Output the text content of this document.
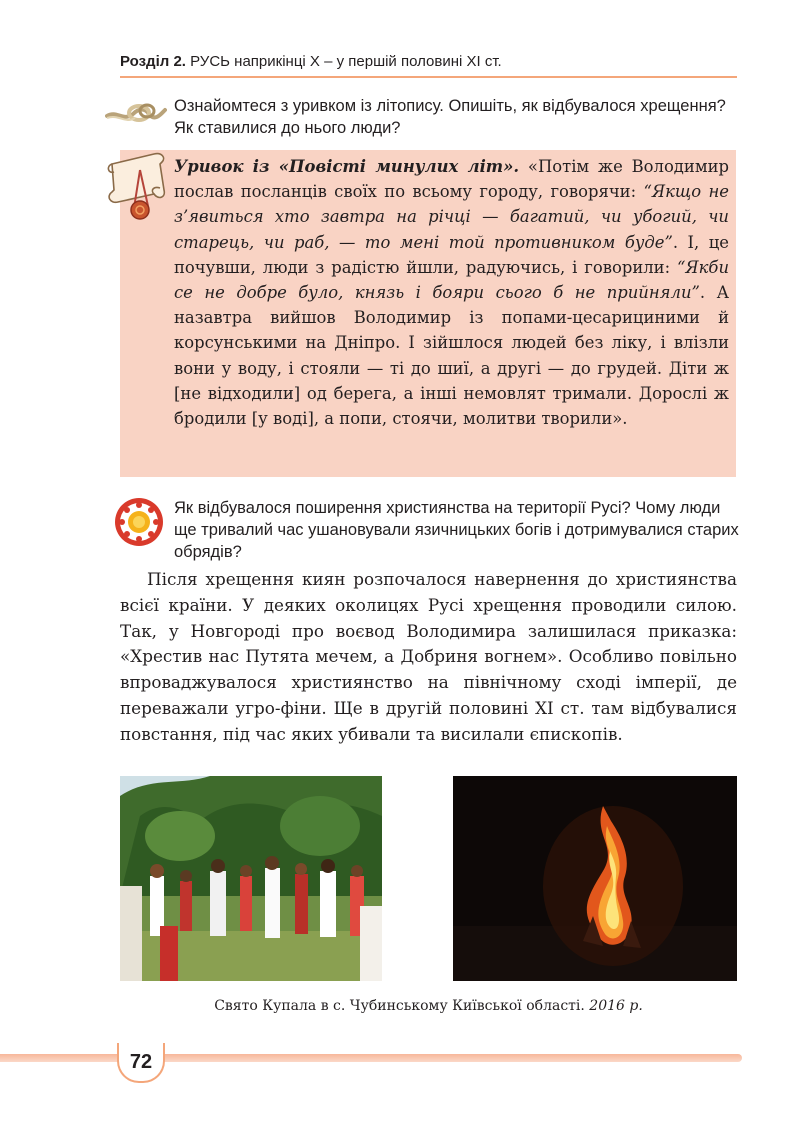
Розділ 2. РУСЬ наприкінці Х – у першій половині ХІ ст.
Ознайомтеся з уривком із літопису. Опишіть, як відбувалося хрещення? Як ставилися до нього люди?
Уривок із «Повісті минулих літ». «Потім же Володимир послав посланців своїх по всьому городу, говорячи: “Якщо не з’явиться хто завтра на річці — багатий, чи убогий, чи старець, чи раб, — то мені той противником буде”. І, це почувши, люди з радістю йшли, радуючись, і говорили: “Якби се не добре було, князь і бояри сього б не прийняли”. А назавтра вийшов Володимир із попами-цесарициними й корсунськими на Дніпро. І зійшлося людей без ліку, і влізли вони у воду, і стояли — ті до шиї, а другі — до грудей. Діти ж [не відходили] од берега, а інші немовлят тримали. Дорослі ж бродили [у воді], а попи, стоячи, молитви творили».
Як відбувалося поширення християнства на території Русі? Чому люди ще тривалий час ушановували язичницьких богів і дотримувалися старих обрядів?

Після хрещення киян розпочалося навернення до християнства всієї країни. У деяких околицях Русі хрещення проводили силою. Так, у Новгороді про воєвод Володимира залишилася приказка: «Хрестив нас Путята мечем, а Добриня вогнем». Особливо повільно впроваджувалося християнство на північному сході імперії, де переважали угро-фіни. Ще в другій половині ХІ ст. там відбувалися повстання, під час яких убивали та висилали єпископів.

Свято Купала в с. Чубинському Київської області. 2016 р.
72
